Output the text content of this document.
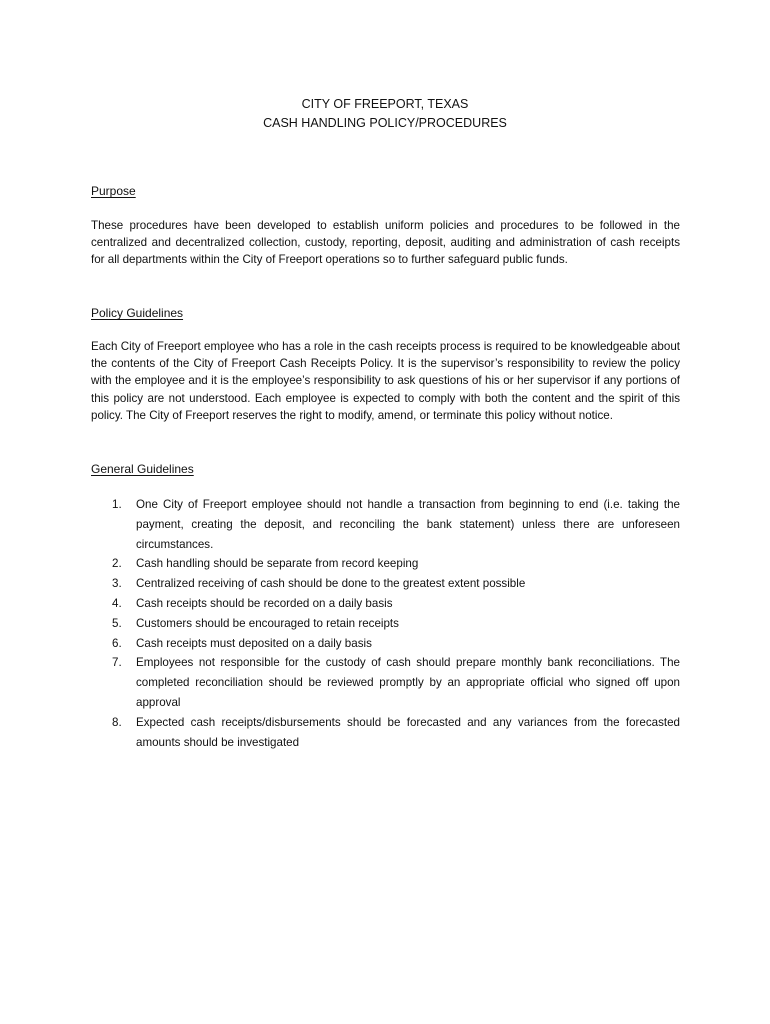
CITY OF FREEPORT, TEXAS
CASH HANDLING POLICY/PROCEDURES
Purpose
These procedures have been developed to establish uniform policies and procedures to be followed in the centralized and decentralized collection, custody, reporting, deposit, auditing and administration of cash receipts for all departments within the City of Freeport operations so to further safeguard public funds.
Policy Guidelines
Each City of Freeport employee who has a role in the cash receipts process is required to be knowledgeable about the contents of the City of Freeport Cash Receipts Policy. It is the supervisor’s responsibility to review the policy with the employee and it is the employee’s responsibility to ask questions of his or her supervisor if any portions of this policy are not understood. Each employee is expected to comply with both the content and the spirit of this policy. The City of Freeport reserves the right to modify, amend, or terminate this policy without notice.
General Guidelines
1. One City of Freeport employee should not handle a transaction from beginning to end (i.e. taking the payment, creating the deposit, and reconciling the bank statement) unless there are unforeseen circumstances.
2. Cash handling should be separate from record keeping
3. Centralized receiving of cash should be done to the greatest extent possible
4. Cash receipts should be recorded on a daily basis
5. Customers should be encouraged to retain receipts
6. Cash receipts must deposited on a daily basis
7. Employees not responsible for the custody of cash should prepare monthly bank reconciliations. The completed reconciliation should be reviewed promptly by an appropriate official who signed off upon approval
8. Expected cash receipts/disbursements should be forecasted and any variances from the forecasted amounts should be investigated
